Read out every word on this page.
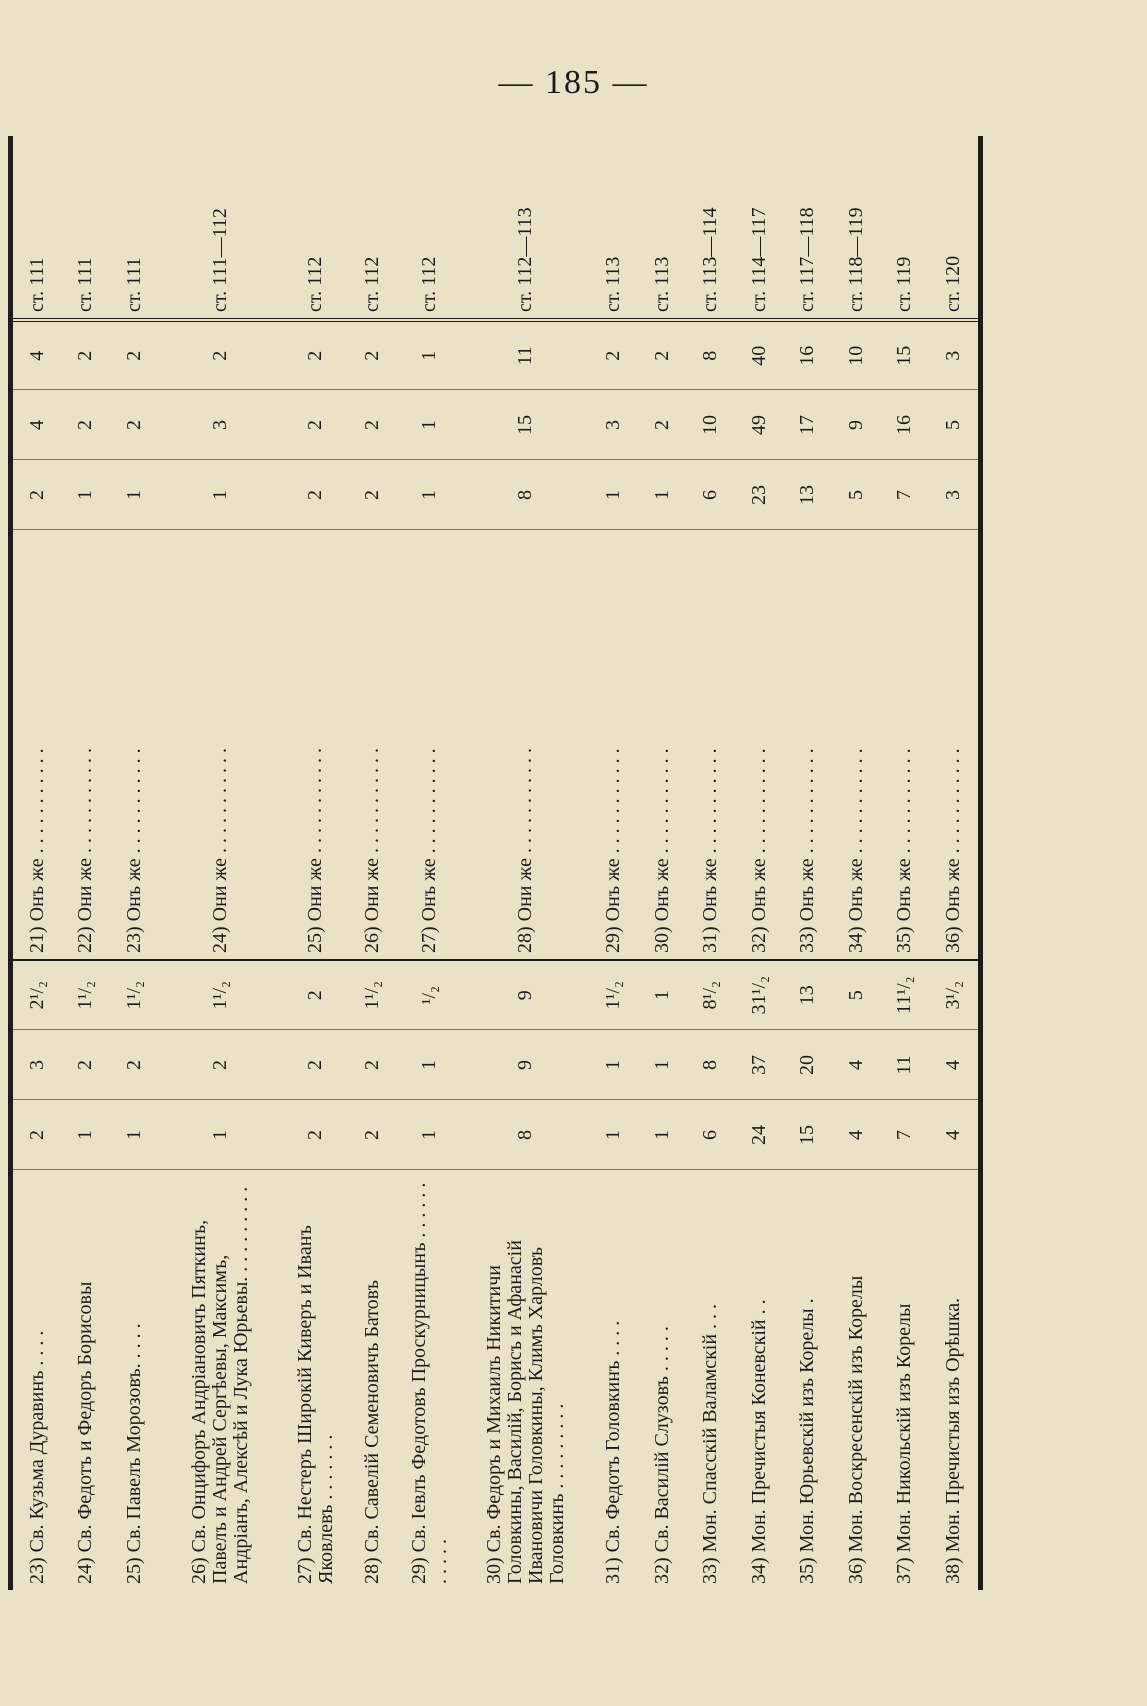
— 185 —
23) Св. Кузьма Дуравинъ . . . .	2	3	2¹/₂	21) Онъ же . . . . . . . . . . .	2	4	4	ст. 111
24) Св. Федотъ и Федоръ Борисовы	1	2	1¹/₂	22) Они же . . . . . . . . . . .	1	2	2	ст. 111
25) Св. Павелъ Морозовъ. . . . .	1	2	1¹/₂	23) Онъ же . . . . . . . . . . .	1	2	2	ст. 111
26) Св. Онцифоръ Андріановичъ Пяткинъ, Павелъ и Андрей Сергѣевы, Максимъ, Андріанъ, Алексѣй и Лука Юрьевы. . . . . . . . . .	1	2	1¹/₂	24) Они же . . . . . . . . . . .	1	3	2	ст. 111—112
27) Св. Нестеръ Широкій Киверъ и Иванъ Яковлевъ . . . . . . .	2	2	2	25) Они же . . . . . . . . . . .	2	2	2	ст. 112
28) Св. Савелій Семеновичъ Батовъ	2	2	1¹/₂	26) Они же . . . . . . . . . . .	2	2	2	ст. 112
29) Св. Іевлъ Федотовъ Проскурницынъ . . . . . . . . . . .	1	1	¹/₂	27) Онъ же . . . . . . . . . . .	1	1	1	ст. 112
30) Св. Федоръ и Михаилъ Никитичи Головкины, Василій, Борисъ и Афанасій Ивановичи Головкины, Климъ Харловъ Головкинъ . . . . . . . . .	8	9	9	28) Они же . . . . . . . . . . .	8	15	11	ст. 112—113
31) Св. Федотъ Головкинъ . . . .	1	1	1¹/₂	29) Онъ же . . . . . . . . . . .	1	3	2	ст. 113
32) Св. Василій Слузовъ . . . . .	1	1	1	30) Онъ же . . . . . . . . . . .	1	2	2	ст. 113
33) Мон. Спасскій Валамскій . . .	6	8	8¹/₂	31) Онъ же . . . . . . . . . . .	6	10	8	ст. 113—114
34) Мон. Пречистыя Коневскій . .	24	37	31¹/₂	32) Онъ же . . . . . . . . . . .	23	49	40	ст. 114—117
35) Мон. Юрьевскій изъ Корелы .	15	20	13	33) Онъ же . . . . . . . . . . .	13	17	16	ст. 117—118
36) Мон. Воскресенскій изъ Корелы	4	4	5	34) Онъ же . . . . . . . . . . .	5	9	10	ст. 118—119
37) Мон. Никольскій изъ Корелы	7	11	11¹/₂	35) Онъ же . . . . . . . . . . .	7	16	15	ст. 119
38) Мон. Пречистыя изъ Орѣшка.	4	4	3¹/₂	36) Онъ же . . . . . . . . . . .	3	5	3	ст. 120
